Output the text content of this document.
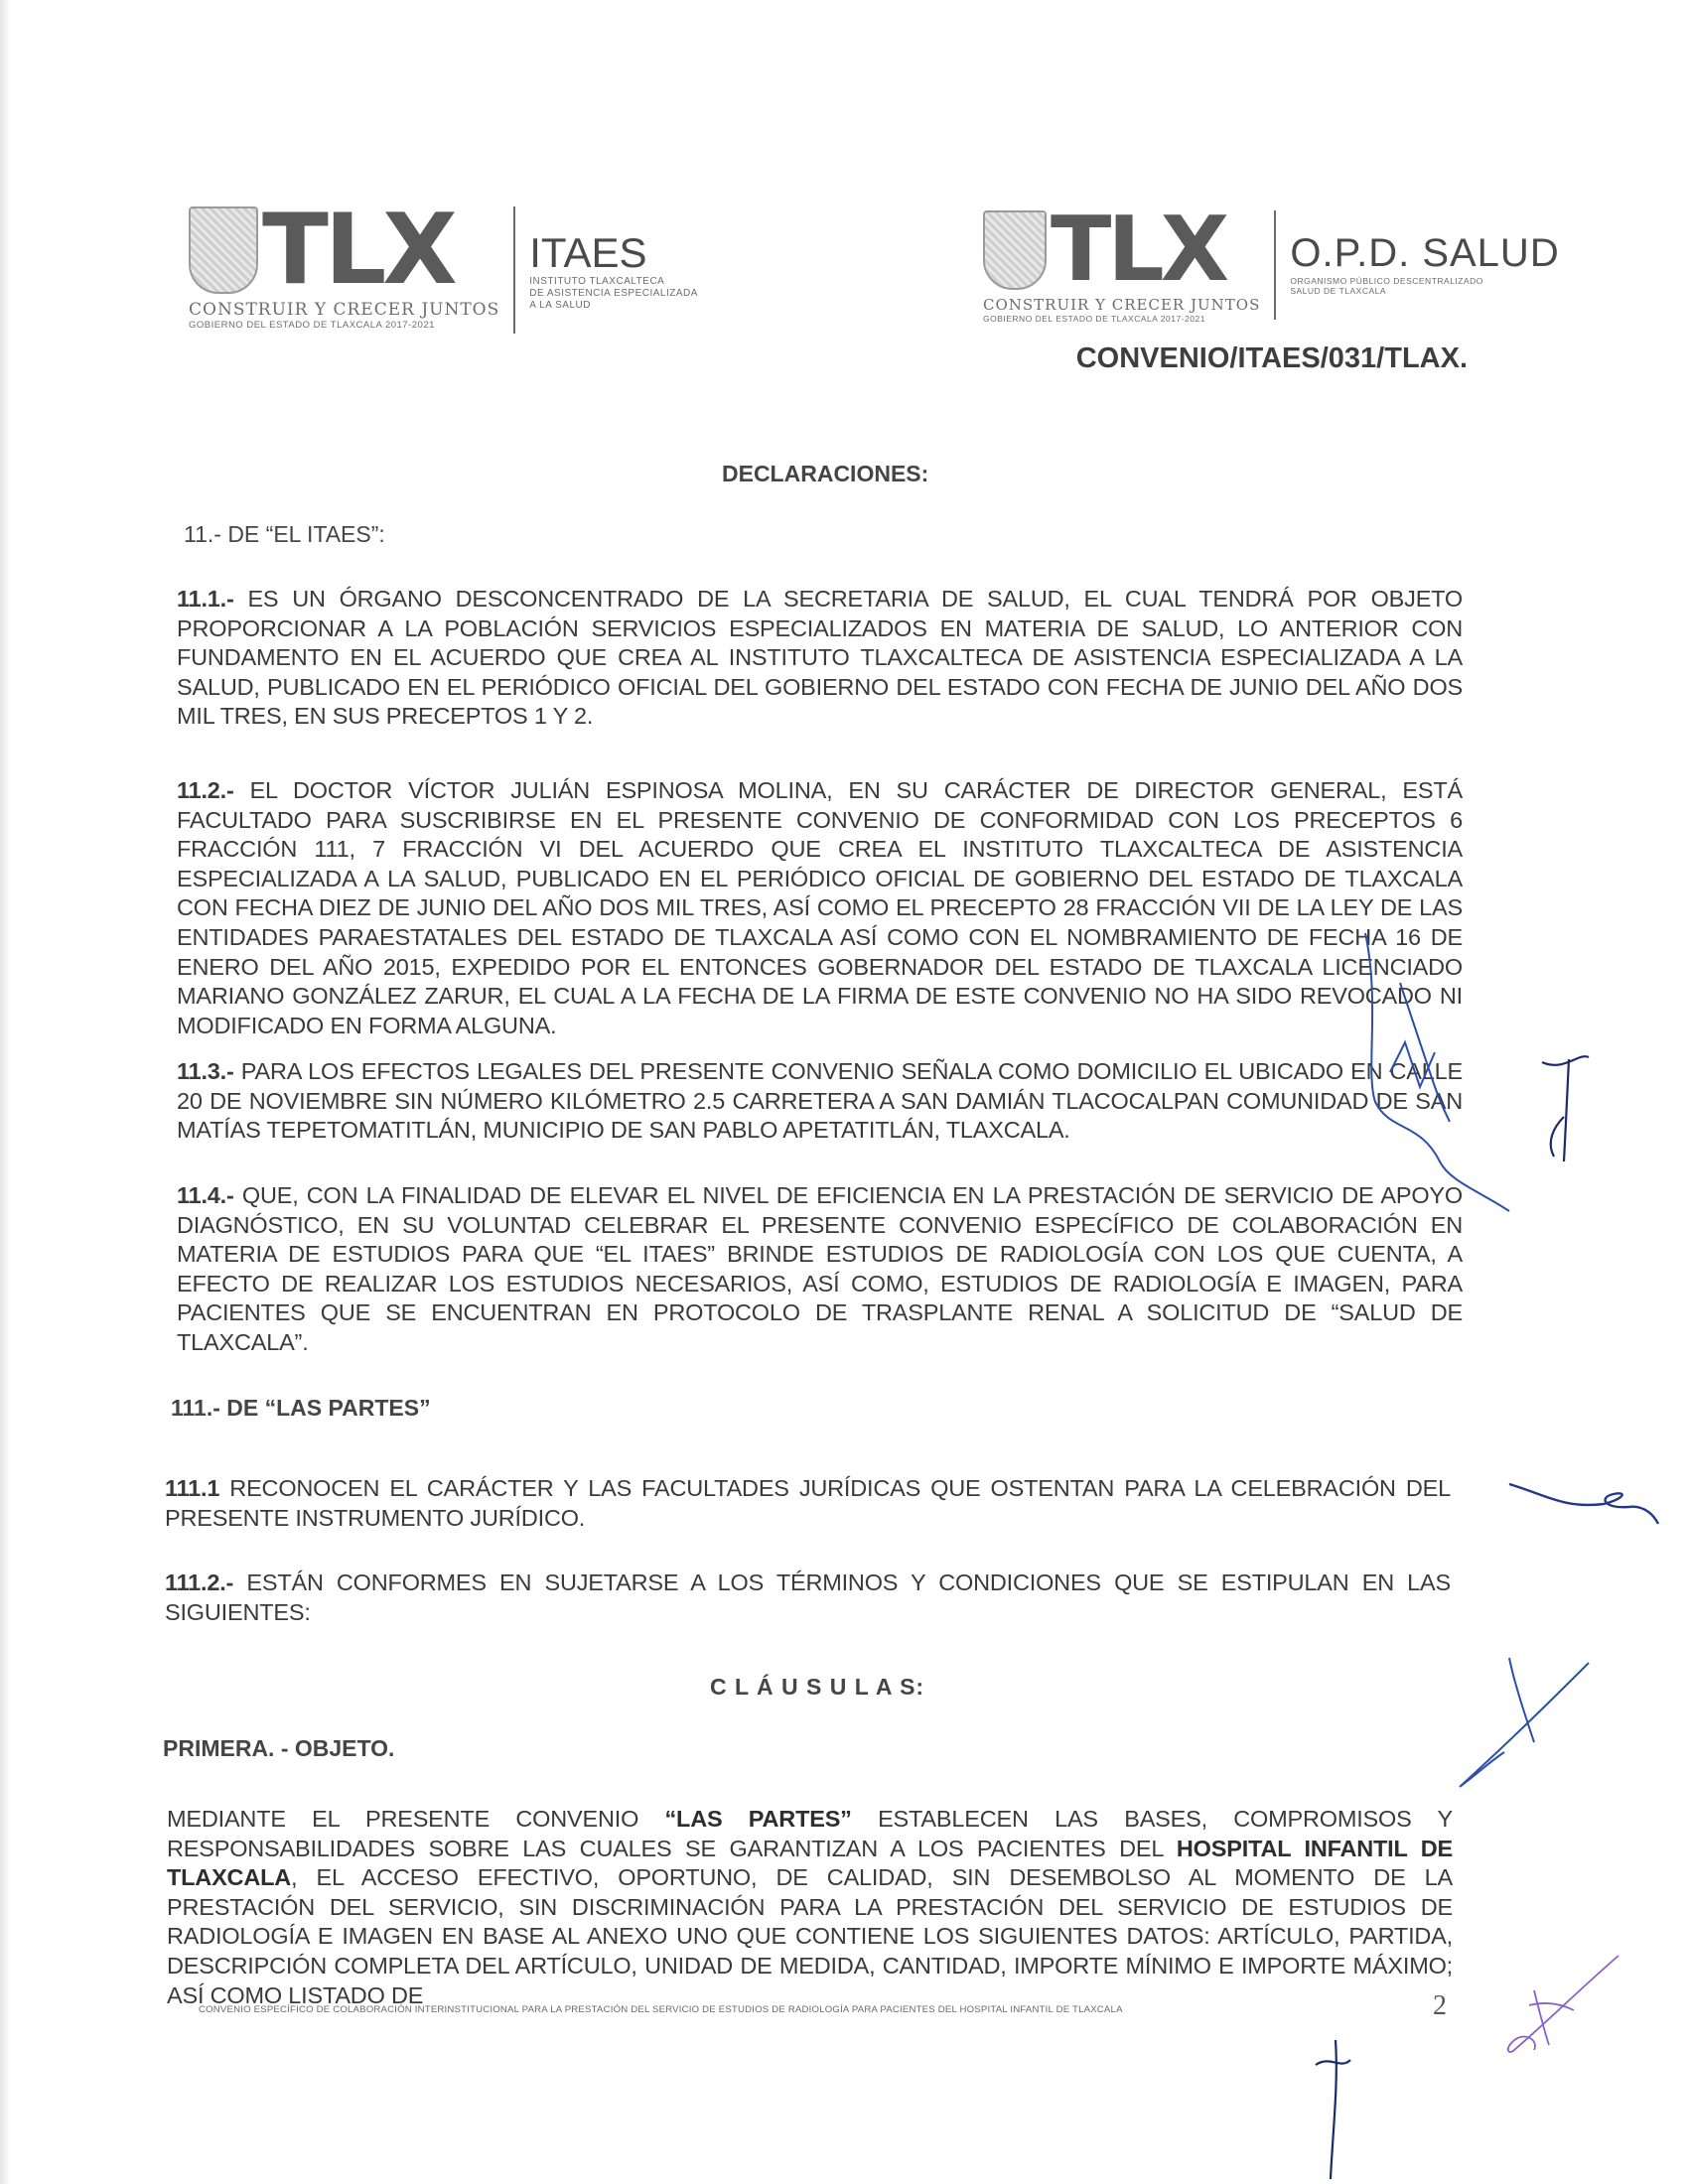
TLX
CONSTRUIR Y CRECER JUNTOS
GOBIERNO DEL ESTADO DE TLAXCALA 2017-2021
ITAES
INSTITUTO TLAXCALTECA
DE ASISTENCIA ESPECIALIZADA
A LA SALUD
TLX
CONSTRUIR Y CRECER JUNTOS
GOBIERNO DEL ESTADO DE TLAXCALA 2017-2021
O.P.D. SALUD
ORGANISMO PÚBLICO DESCENTRALIZADO
SALUD DE TLAXCALA
CONVENIO/ITAES/031/TLAX.
DECLARACIONES:
11.- DE “EL ITAES”:
11.1.- ES UN ÓRGANO DESCONCENTRADO DE LA SECRETARIA DE SALUD, EL CUAL TENDRÁ POR OBJETO PROPORCIONAR A LA POBLACIÓN SERVICIOS ESPECIALIZADOS EN MATERIA DE SALUD, LO ANTERIOR CON FUNDAMENTO EN EL ACUERDO QUE CREA AL INSTITUTO TLAXCALTECA DE ASISTENCIA ESPECIALIZADA A LA SALUD, PUBLICADO EN EL PERIÓDICO OFICIAL DEL GOBIERNO DEL ESTADO CON FECHA DE JUNIO DEL AÑO DOS MIL TRES, EN SUS PRECEPTOS 1 Y 2.
11.2.- EL DOCTOR VÍCTOR JULIÁN ESPINOSA MOLINA, EN SU CARÁCTER DE DIRECTOR GENERAL, ESTÁ FACULTADO PARA SUSCRIBIRSE EN EL PRESENTE CONVENIO DE CONFORMIDAD CON LOS PRECEPTOS 6 FRACCIÓN 111, 7 FRACCIÓN VI DEL ACUERDO QUE CREA EL INSTITUTO TLAXCALTECA DE ASISTENCIA ESPECIALIZADA A LA SALUD, PUBLICADO EN EL PERIÓDICO OFICIAL DE GOBIERNO DEL ESTADO DE TLAXCALA CON FECHA DIEZ DE JUNIO DEL AÑO DOS MIL TRES, ASÍ COMO EL PRECEPTO 28 FRACCIÓN VII DE LA LEY DE LAS ENTIDADES PARAESTATALES DEL ESTADO DE TLAXCALA ASÍ COMO CON EL NOMBRAMIENTO DE FECHA 16 DE ENERO DEL AÑO 2015, EXPEDIDO POR EL ENTONCES GOBERNADOR DEL ESTADO DE TLAXCALA LICENCIADO MARIANO GONZÁLEZ ZARUR, EL CUAL A LA FECHA DE LA FIRMA DE ESTE CONVENIO NO HA SIDO REVOCADO NI MODIFICADO EN FORMA ALGUNA.
11.3.- PARA LOS EFECTOS LEGALES DEL PRESENTE CONVENIO SEÑALA COMO DOMICILIO EL UBICADO EN CALLE 20 DE NOVIEMBRE SIN NÚMERO KILÓMETRO 2.5 CARRETERA A SAN DAMIÁN TLACOCALPAN COMUNIDAD DE SAN MATÍAS TEPETOMATITLÁN, MUNICIPIO DE SAN PABLO APETATITLÁN, TLAXCALA.
11.4.- QUE, CON LA FINALIDAD DE ELEVAR EL NIVEL DE EFICIENCIA EN LA PRESTACIÓN DE SERVICIO DE APOYO DIAGNÓSTICO, EN SU VOLUNTAD CELEBRAR EL PRESENTE CONVENIO ESPECÍFICO DE COLABORACIÓN EN MATERIA DE ESTUDIOS PARA QUE “EL ITAES” BRINDE ESTUDIOS DE RADIOLOGÍA CON LOS QUE CUENTA, A EFECTO DE REALIZAR LOS ESTUDIOS NECESARIOS, ASÍ COMO, ESTUDIOS DE RADIOLOGÍA E IMAGEN, PARA PACIENTES QUE SE ENCUENTRAN EN PROTOCOLO DE TRASPLANTE RENAL A SOLICITUD DE “SALUD DE TLAXCALA”.
111.- DE “LAS PARTES”
111.1 RECONOCEN EL CARÁCTER Y LAS FACULTADES JURÍDICAS QUE OSTENTAN PARA LA CELEBRACIÓN DEL PRESENTE INSTRUMENTO JURÍDICO.
111.2.- ESTÁN CONFORMES EN SUJETARSE A LOS TÉRMINOS Y CONDICIONES QUE SE ESTIPULAN EN LAS SIGUIENTES:
C L Á U S U L A S:
PRIMERA. - OBJETO.
MEDIANTE EL PRESENTE CONVENIO “LAS PARTES” ESTABLECEN LAS BASES, COMPROMISOS Y RESPONSABILIDADES SOBRE LAS CUALES SE GARANTIZAN A LOS PACIENTES DEL HOSPITAL INFANTIL DE TLAXCALA, EL ACCESO EFECTIVO, OPORTUNO, DE CALIDAD, SIN DESEMBOLSO AL MOMENTO DE LA PRESTACIÓN DEL SERVICIO, SIN DISCRIMINACIÓN PARA LA PRESTACIÓN DEL SERVICIO DE ESTUDIOS DE RADIOLOGÍA E IMAGEN EN BASE AL ANEXO UNO QUE CONTIENE LOS SIGUIENTES DATOS: ARTÍCULO, PARTIDA, DESCRIPCIÓN COMPLETA DEL ARTÍCULO, UNIDAD DE MEDIDA, CANTIDAD, IMPORTE MÍNIMO E IMPORTE MÁXIMO; ASÍ COMO LISTADO DE
CONVENIO ESPECÍFICO DE COLABORACIÓN INTERINSTITUCIONAL PARA LA PRESTACIÓN DEL SERVICIO DE ESTUDIOS DE RADIOLOGÍA PARA PACIENTES DEL HOSPITAL INFANTIL DE TLAXCALA	2
